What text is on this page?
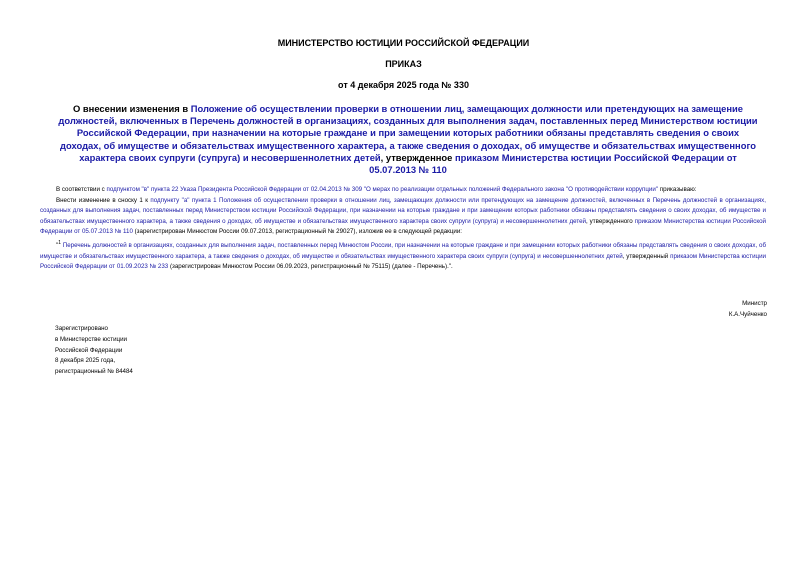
МИНИСТЕРСТВО ЮСТИЦИИ РОССИЙСКОЙ ФЕДЕРАЦИИ
ПРИКАЗ
от 4 декабря 2025 года № 330
О внесении изменения в Положение об осуществлении проверки в отношении лиц, замещающих должности или претендующих на замещение должностей, включенных в Перечень должностей в организациях, созданных для выполнения задач, поставленных перед Министерством юстиции Российской Федерации, при назначении на которые граждане и при замещении которых работники обязаны представлять сведения о своих доходах, об имуществе и обязательствах имущественного характера, а также сведения о доходах, об имуществе и обязательствах имущественного характера своих супруги (супруга) и несовершеннолетних детей, утвержденное приказом Министерства юстиции Российской Федерации от 05.07.2013 № 110

В соответствии с подпунктом "в" пункта 22 Указа Президента Российской Федерации от 02.04.2013 № 309 "О мерах по реализации отдельных положений Федерального закона "О противодействии коррупции" приказываю:

Внести изменение в сноску 1 к подпункту "а" пункта 1 Положения об осуществлении проверки в отношении лиц, замещающих должности или претендующих на замещение должностей, включенных в Перечень должностей в организациях, созданных для выполнения задач, поставленных перед Министерством юстиции Российской Федерации, при назначении на которые граждане и при замещении которых работники обязаны представлять сведения о своих доходах, об имуществе и обязательствах имущественного характера, а также сведения о доходах, об имуществе и обязательствах имущественного характера своих супруги (супруга) и несовершеннолетних детей, утвержденного приказом Министерства юстиции Российской Федерации от 05.07.2013 № 110 (зарегистрирован Минюстом России 09.07.2013, регистрационный № 29027), изложив ее в следующей редакции:

"$^1$ Перечень должностей в организациях, созданных для выполнения задач, поставленных перед Минюстом России, при назначении на которые граждане и при замещении которых работники обязаны представлять сведения о своих доходах, об имуществе и обязательствах имущественного характера, а также сведения о доходах, об имуществе и обязательствах имущественного характера своих супруги (супруга) и несовершеннолетних детей, утвержденный приказом Министерства юстиции Российской Федерации от 01.09.2023 № 233 (зарегистрирован Минюстом России 06.09.2023, регистрационный № 75115) (далее - Перечень).".

Министр
К.А.Чуйченко
Зарегистрировано
в Министерстве юстиции
Российской Федерации
8 декабря 2025 года,
регистрационный № 84484
